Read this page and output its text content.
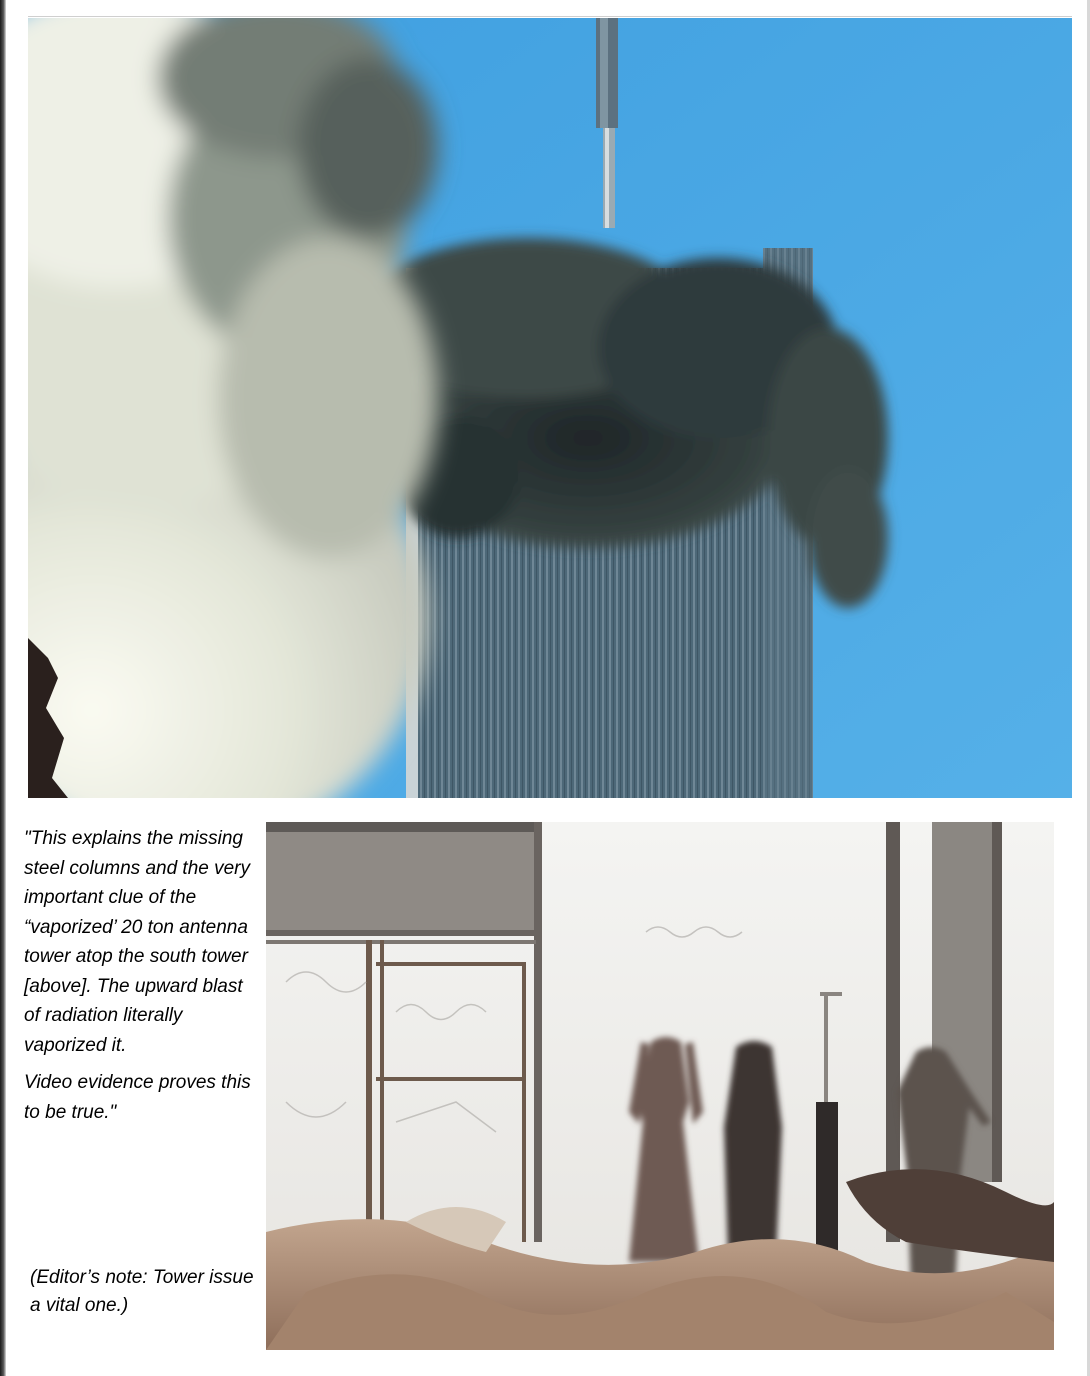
"This explains the missing steel columns and the very important clue of the “vaporized’ 20 ton antenna tower atop the south tower [above]. The upward blast of radiation literally vaporized it.

Video evidence proves this to be true."

(Editor’s note: Tower issue a vital one.)
